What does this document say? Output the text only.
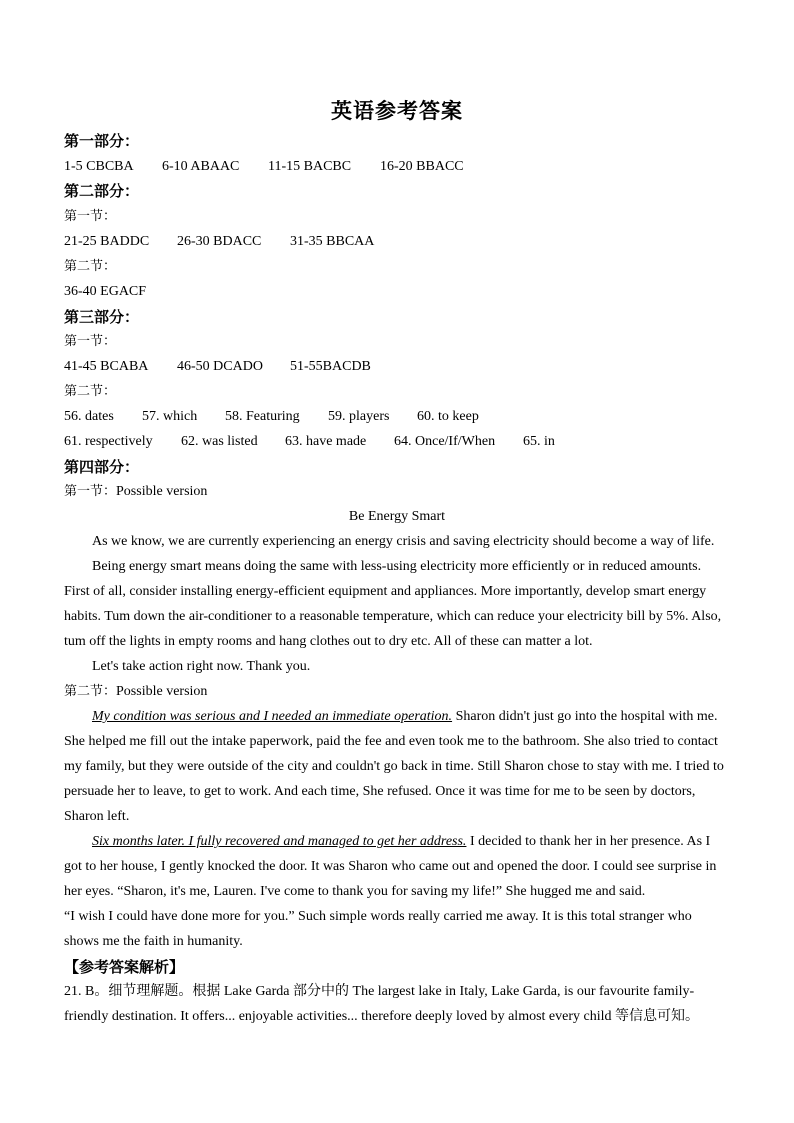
英语参考答案
第一部分：
1-5 CBCBA 6-10 ABAAC 11-15 BACBC 16-20 BBACC
第二部分：
第一节：
21-25 BADDC 26-30 BDACC 31-35 BBCAA
第二节：
36-40 EGACF
第三部分：
第一节：
41-45 BCABA 46-50 DCADO 51-55BACDB
第二节：
56. dates 57. which 58. Featuring 59. players 60. to keep
61. respectively 62. was listed 63. have made 64. Once/If/When 65. in
第四部分：
第一节：Possible version
Be Energy Smart
As we know, we are currently experiencing an energy crisis and saving electricity should become a way of life.
Being energy smart means doing the same with less-using electricity more efficiently or in reduced amounts. First of all, consider installing energy-efficient equipment and appliances. More importantly, develop smart energy habits. Tum down the air-conditioner to a reasonable temperature, which can reduce your electricity bill by 5%. Also, tum off the lights in empty rooms and hang clothes out to dry etc. All of these can matter a lot.
Let's take action right now. Thank you.
第二节：Possible version
My condition was serious and I needed an immediate operation. Sharon didn't just go into the hospital with me. She helped me fill out the intake paperwork, paid the fee and even took me to the bathroom. She also tried to contact my family, but they were outside of the city and couldn't go back in time. Still Sharon chose to stay with me. I tried to persuade her to leave, to get to work. And each time, She refused. Once it was time for me to be seen by doctors, Sharon left.
Six months later. I fully recovered and managed to get her address. I decided to thank her in her presence. As I got to her house, I gently knocked the door. It was Sharon who came out and opened the door. I could see surprise in her eyes. “Sharon, it's me, Lauren. I've come to thank you for saving my life!” She hugged me and said.
“I wish I could have done more for you.” Such simple words really carried me away. It is this total stranger who shows me the faith in humanity.
【参考答案解析】
21. B。细节理解题。根据 Lake Garda 部分中的 The largest lake in Italy, Lake Garda, is our favourite family-friendly destination. It offers... enjoyable activities... therefore deeply loved by almost every child 等信息可知。
